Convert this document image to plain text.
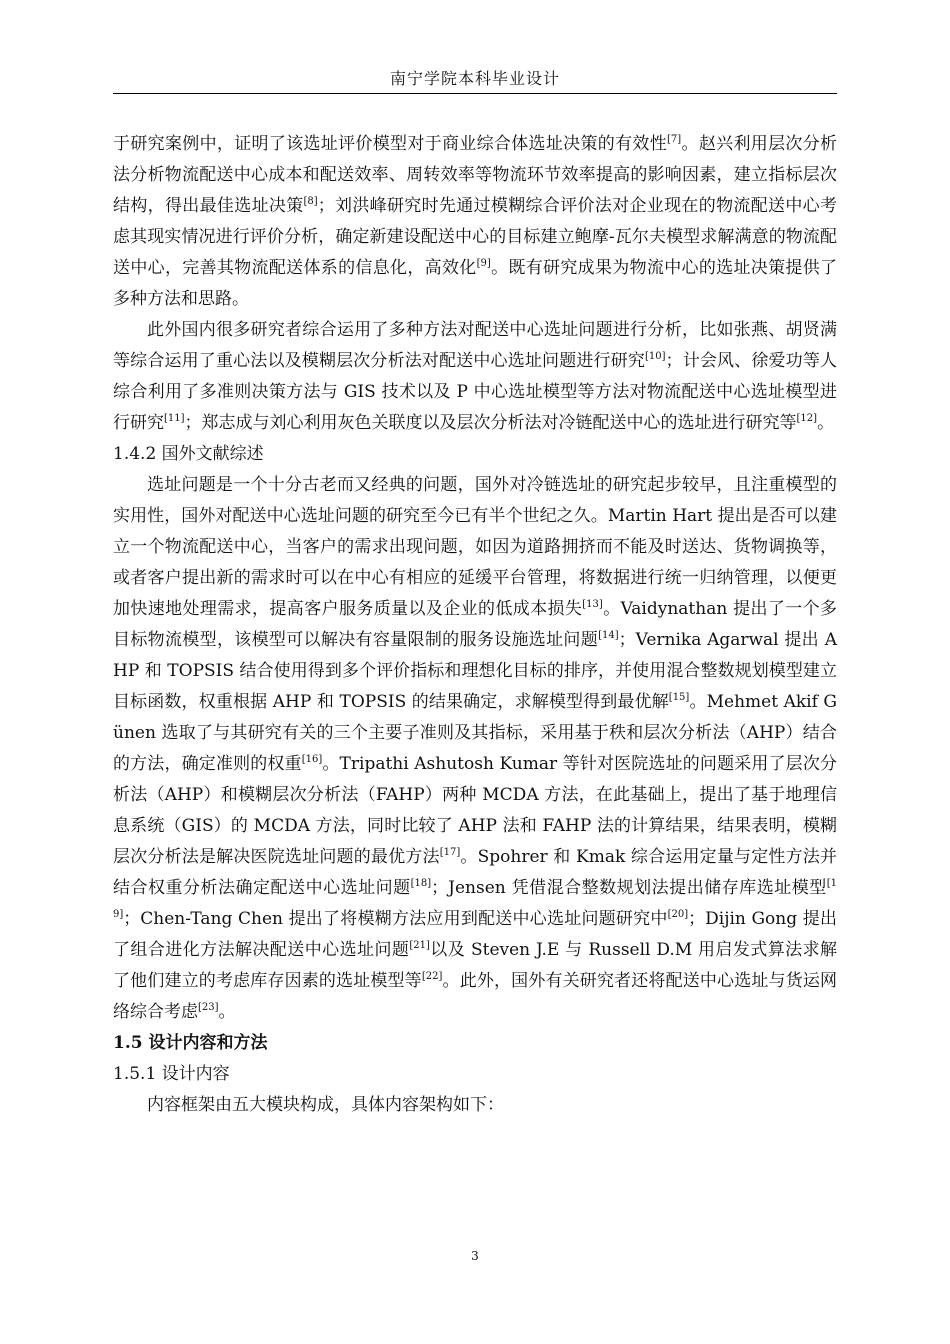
南宁学院本科毕业设计

于研究案例中，证明了该选址评价模型对于商业综合体选址决策的有效性[7]。赵兴利用层次分析法分析物流配送中心成本和配送效率、周转效率等物流环节效率提高的影响因素，建立指标层次结构，得出最佳选址决策[8]；刘洪峰研究时先通过模糊综合评价法对企业现在的物流配送中心考虑其现实情况进行评价分析，确定新建设配送中心的目标建立鲍摩-瓦尔夫模型求解满意的物流配送中心，完善其物流配送体系的信息化，高效化[9]。既有研究成果为物流中心的选址决策提供了多种方法和思路。

此外国内很多研究者综合运用了多种方法对配送中心选址问题进行分析，比如张燕、胡贤满等综合运用了重心法以及模糊层次分析法对配送中心选址问题进行研究[10]；计会风、徐爱功等人综合利用了多准则决策方法与 GIS 技术以及 P 中心选址模型等方法对物流配送中心选址模型进行研究[11]；郑志成与刘心利用灰色关联度以及层次分析法对冷链配送中心的选址进行研究等[12]。

1.4.2 国外文献综述

选址问题是一个十分古老而又经典的问题，国外对冷链选址的研究起步较早，且注重模型的实用性，国外对配送中心选址问题的研究至今已有半个世纪之久。Martin Hart 提出是否可以建立一个物流配送中心，当客户的需求出现问题，如因为道路拥挤而不能及时送达、货物调换等，或者客户提出新的需求时可以在中心有相应的延缓平台管理，将数据进行统一归纳管理，以便更加快速地处理需求，提高客户服务质量以及企业的低成本损失[13]。Vaidynathan 提出了一个多目标物流模型，该模型可以解决有容量限制的服务设施选址问题[14]；Vernika Agarwal 提出 AHP 和 TOPSIS 结合使用得到多个评价指标和理想化目标的排序，并使用混合整数规划模型建立目标函数，权重根据 AHP 和 TOPSIS 的结果确定，求解模型得到最优解[15]。Mehmet Akif Günen 选取了与其研究有关的三个主要子准则及其指标，采用基于秩和层次分析法（AHP）结合的方法，确定准则的权重[16]。Tripathi Ashutosh Kumar 等针对医院选址的问题采用了层次分析法（AHP）和模糊层次分析法（FAHP）两种 MCDA 方法，在此基础上，提出了基于地理信息系统（GIS）的 MCDA 方法，同时比较了 AHP 法和 FAHP 法的计算结果，结果表明，模糊层次分析法是解决医院选址问题的最优方法[17]。Spohrer 和 Kmak 综合运用定量与定性方法并结合权重分析法确定配送中心选址问题[18]；Jensen 凭借混合整数规划法提出储存库选址模型[19]；Chen-Tang Chen 提出了将模糊方法应用到配送中心选址问题研究中[20]；Dijin Gong 提出了组合进化方法解决配送中心选址问题[21]以及 Steven J.E 与 Russell D.M 用启发式算法求解了他们建立的考虑库存因素的选址模型等[22]。此外，国外有关研究者还将配送中心选址与货运网络综合考虑[23]。

1.5 设计内容和方法
1.5.1 设计内容

内容框架由五大模块构成，具体内容架构如下：

3
